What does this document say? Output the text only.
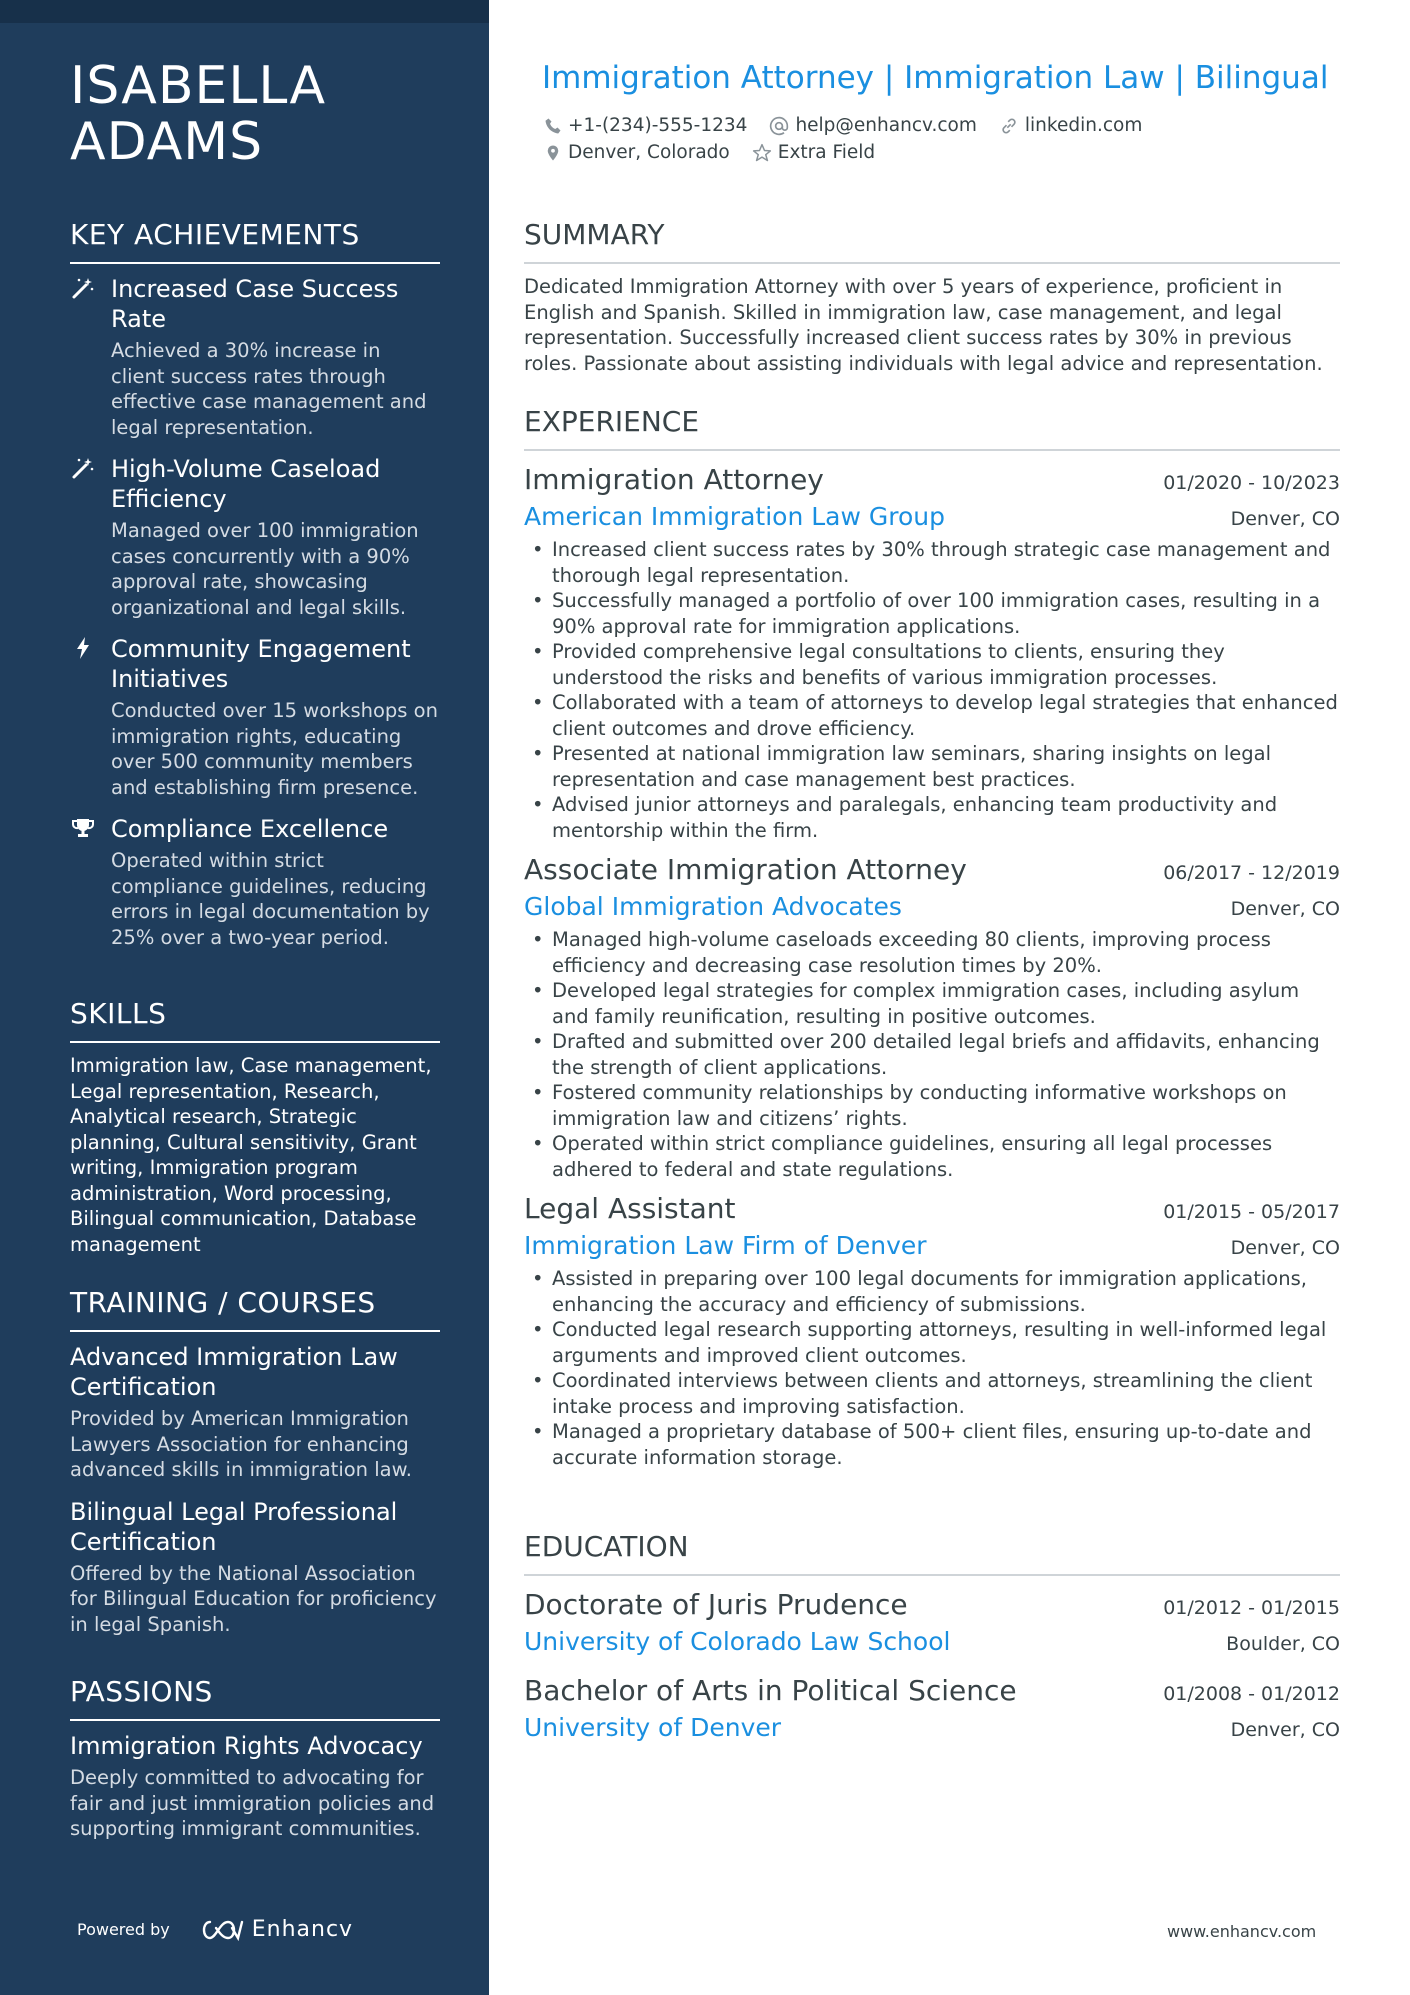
ISABELLA
ADAMS
KEY ACHIEVEMENTS
Increased Case Success Rate
Achieved a 30% increase in client success rates through effective case management and legal representation.
High-Volume Caseload Efficiency
Managed over 100 immigration cases concurrently with a 90% approval rate, showcasing organizational and legal skills.
Community Engagement Initiatives
Conducted over 15 workshops on immigration rights, educating over 500 community members and establishing firm presence.
Compliance Excellence
Operated within strict compliance guidelines, reducing errors in legal documentation by 25% over a two-year period.
SKILLS
Immigration law, Case management, Legal representation, Research, Analytical research, Strategic planning, Cultural sensitivity, Grant writing, Immigration program administration, Word processing, Bilingual communication, Database management
TRAINING / COURSES
Advanced Immigration Law Certification
Provided by American Immigration Lawyers Association for enhancing advanced skills in immigration law.
Bilingual Legal Professional Certification
Offered by the National Association for Bilingual Education for proficiency in legal Spanish.
PASSIONS
Immigration Rights Advocacy
Deeply committed to advocating for fair and just immigration policies and supporting immigrant communities.
Powered by	Enhancv
Immigration Attorney | Immigration Law | Bilingual
+1-(234)-555-1234	help@enhancv.com	linkedin.com
Denver, Colorado	Extra Field
SUMMARY
Dedicated Immigration Attorney with over 5 years of experience, proficient in English and Spanish. Skilled in immigration law, case management, and legal representation. Successfully increased client success rates by 30% in previous roles. Passionate about assisting individuals with legal advice and representation.
EXPERIENCE
Immigration Attorney	01/2020 - 10/2023
American Immigration Law Group	Denver, CO
• Increased client success rates by 30% through strategic case management and thorough legal representation.
• Successfully managed a portfolio of over 100 immigration cases, resulting in a 90% approval rate for immigration applications.
• Provided comprehensive legal consultations to clients, ensuring they understood the risks and benefits of various immigration processes.
• Collaborated with a team of attorneys to develop legal strategies that enhanced client outcomes and drove efficiency.
• Presented at national immigration law seminars, sharing insights on legal representation and case management best practices.
• Advised junior attorneys and paralegals, enhancing team productivity and mentorship within the firm.
Associate Immigration Attorney	06/2017 - 12/2019
Global Immigration Advocates	Denver, CO
• Managed high-volume caseloads exceeding 80 clients, improving process efficiency and decreasing case resolution times by 20%.
• Developed legal strategies for complex immigration cases, including asylum and family reunification, resulting in positive outcomes.
• Drafted and submitted over 200 detailed legal briefs and affidavits, enhancing the strength of client applications.
• Fostered community relationships by conducting informative workshops on immigration law and citizens’ rights.
• Operated within strict compliance guidelines, ensuring all legal processes adhered to federal and state regulations.
Legal Assistant	01/2015 - 05/2017
Immigration Law Firm of Denver	Denver, CO
• Assisted in preparing over 100 legal documents for immigration applications, enhancing the accuracy and efficiency of submissions.
• Conducted legal research supporting attorneys, resulting in well-informed legal arguments and improved client outcomes.
• Coordinated interviews between clients and attorneys, streamlining the client intake process and improving satisfaction.
• Managed a proprietary database of 500+ client files, ensuring up-to-date and accurate information storage.
EDUCATION
Doctorate of Juris Prudence	01/2012 - 01/2015
University of Colorado Law School	Boulder, CO
Bachelor of Arts in Political Science	01/2008 - 01/2012
University of Denver	Denver, CO
www.enhancv.com
